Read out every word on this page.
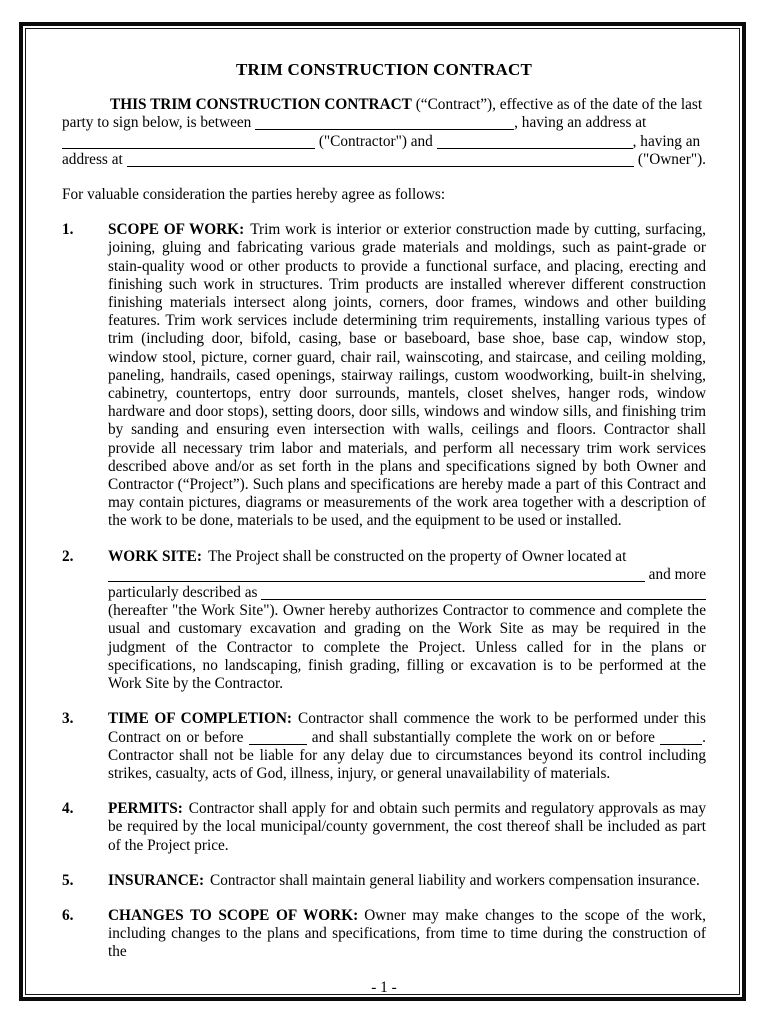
TRIM CONSTRUCTION CONTRACT
THIS TRIM CONSTRUCTION CONTRACT (“Contract”), effective as of the date of the last
party to sign below, is between	, having an address at
("Contractor") and	, having an
address at	("Owner").

For valuable consideration the parties hereby agree as follows:

1. SCOPE OF WORK: Trim work is interior or exterior construction made by cutting, surfacing, joining, gluing and fabricating various grade materials and moldings, such as paint-grade or stain-quality wood or other products to provide a functional surface, and placing, erecting and finishing such work in structures. Trim products are installed wherever different construction finishing materials intersect along joints, corners, door frames, windows and other building features. Trim work services include determining trim requirements, installing various types of trim (including door, bifold, casing, base or baseboard, base shoe, base cap, window stop, window stool, picture, corner guard, chair rail, wainscoting, and staircase, and ceiling molding, paneling, handrails, cased openings, stairway railings, custom woodworking, built-in shelving, cabinetry, countertops, entry door surrounds, mantels, closet shelves, hanger rods, window hardware and door stops), setting doors, door sills, windows and window sills, and finishing trim by sanding and ensuring even intersection with walls, ceilings and floors. Contractor shall provide all necessary trim labor and materials, and perform all necessary trim work services described above and/or as set forth in the plans and specifications signed by both Owner and Contractor (“Project”). Such plans and specifications are hereby made a part of this Contract and may contain pictures, diagrams or measurements of the work area together with a description of the work to be done, materials to be used, and the equipment to be used or installed.

2. WORK SITE: The Project shall be constructed on the property of Owner located at

and more
particularly described as

(hereafter "the Work Site"). Owner hereby authorizes Contractor to commence and complete the usual and customary excavation and grading on the Work Site as may be required in the judgment of the Contractor to complete the Project. Unless called for in the plans or specifications, no landscaping, finish grading, filling or excavation is to be performed at the Work Site by the Contractor.

3. TIME OF COMPLETION: Contractor shall commence the work to be performed under this Contract on or before	and shall substantially complete the work on or before	. Contractor shall not be liable for any delay due to circumstances beyond its control including strikes, casualty, acts of God, illness, injury, or general unavailability of materials.

4. PERMITS: Contractor shall apply for and obtain such permits and regulatory approvals as may be required by the local municipal/county government, the cost thereof shall be included as part of the Project price.

5. INSURANCE: Contractor shall maintain general liability and workers compensation insurance.

6. CHANGES TO SCOPE OF WORK: Owner may make changes to the scope of the work, including changes to the plans and specifications, from time to time during the construction of the

- 1 -
